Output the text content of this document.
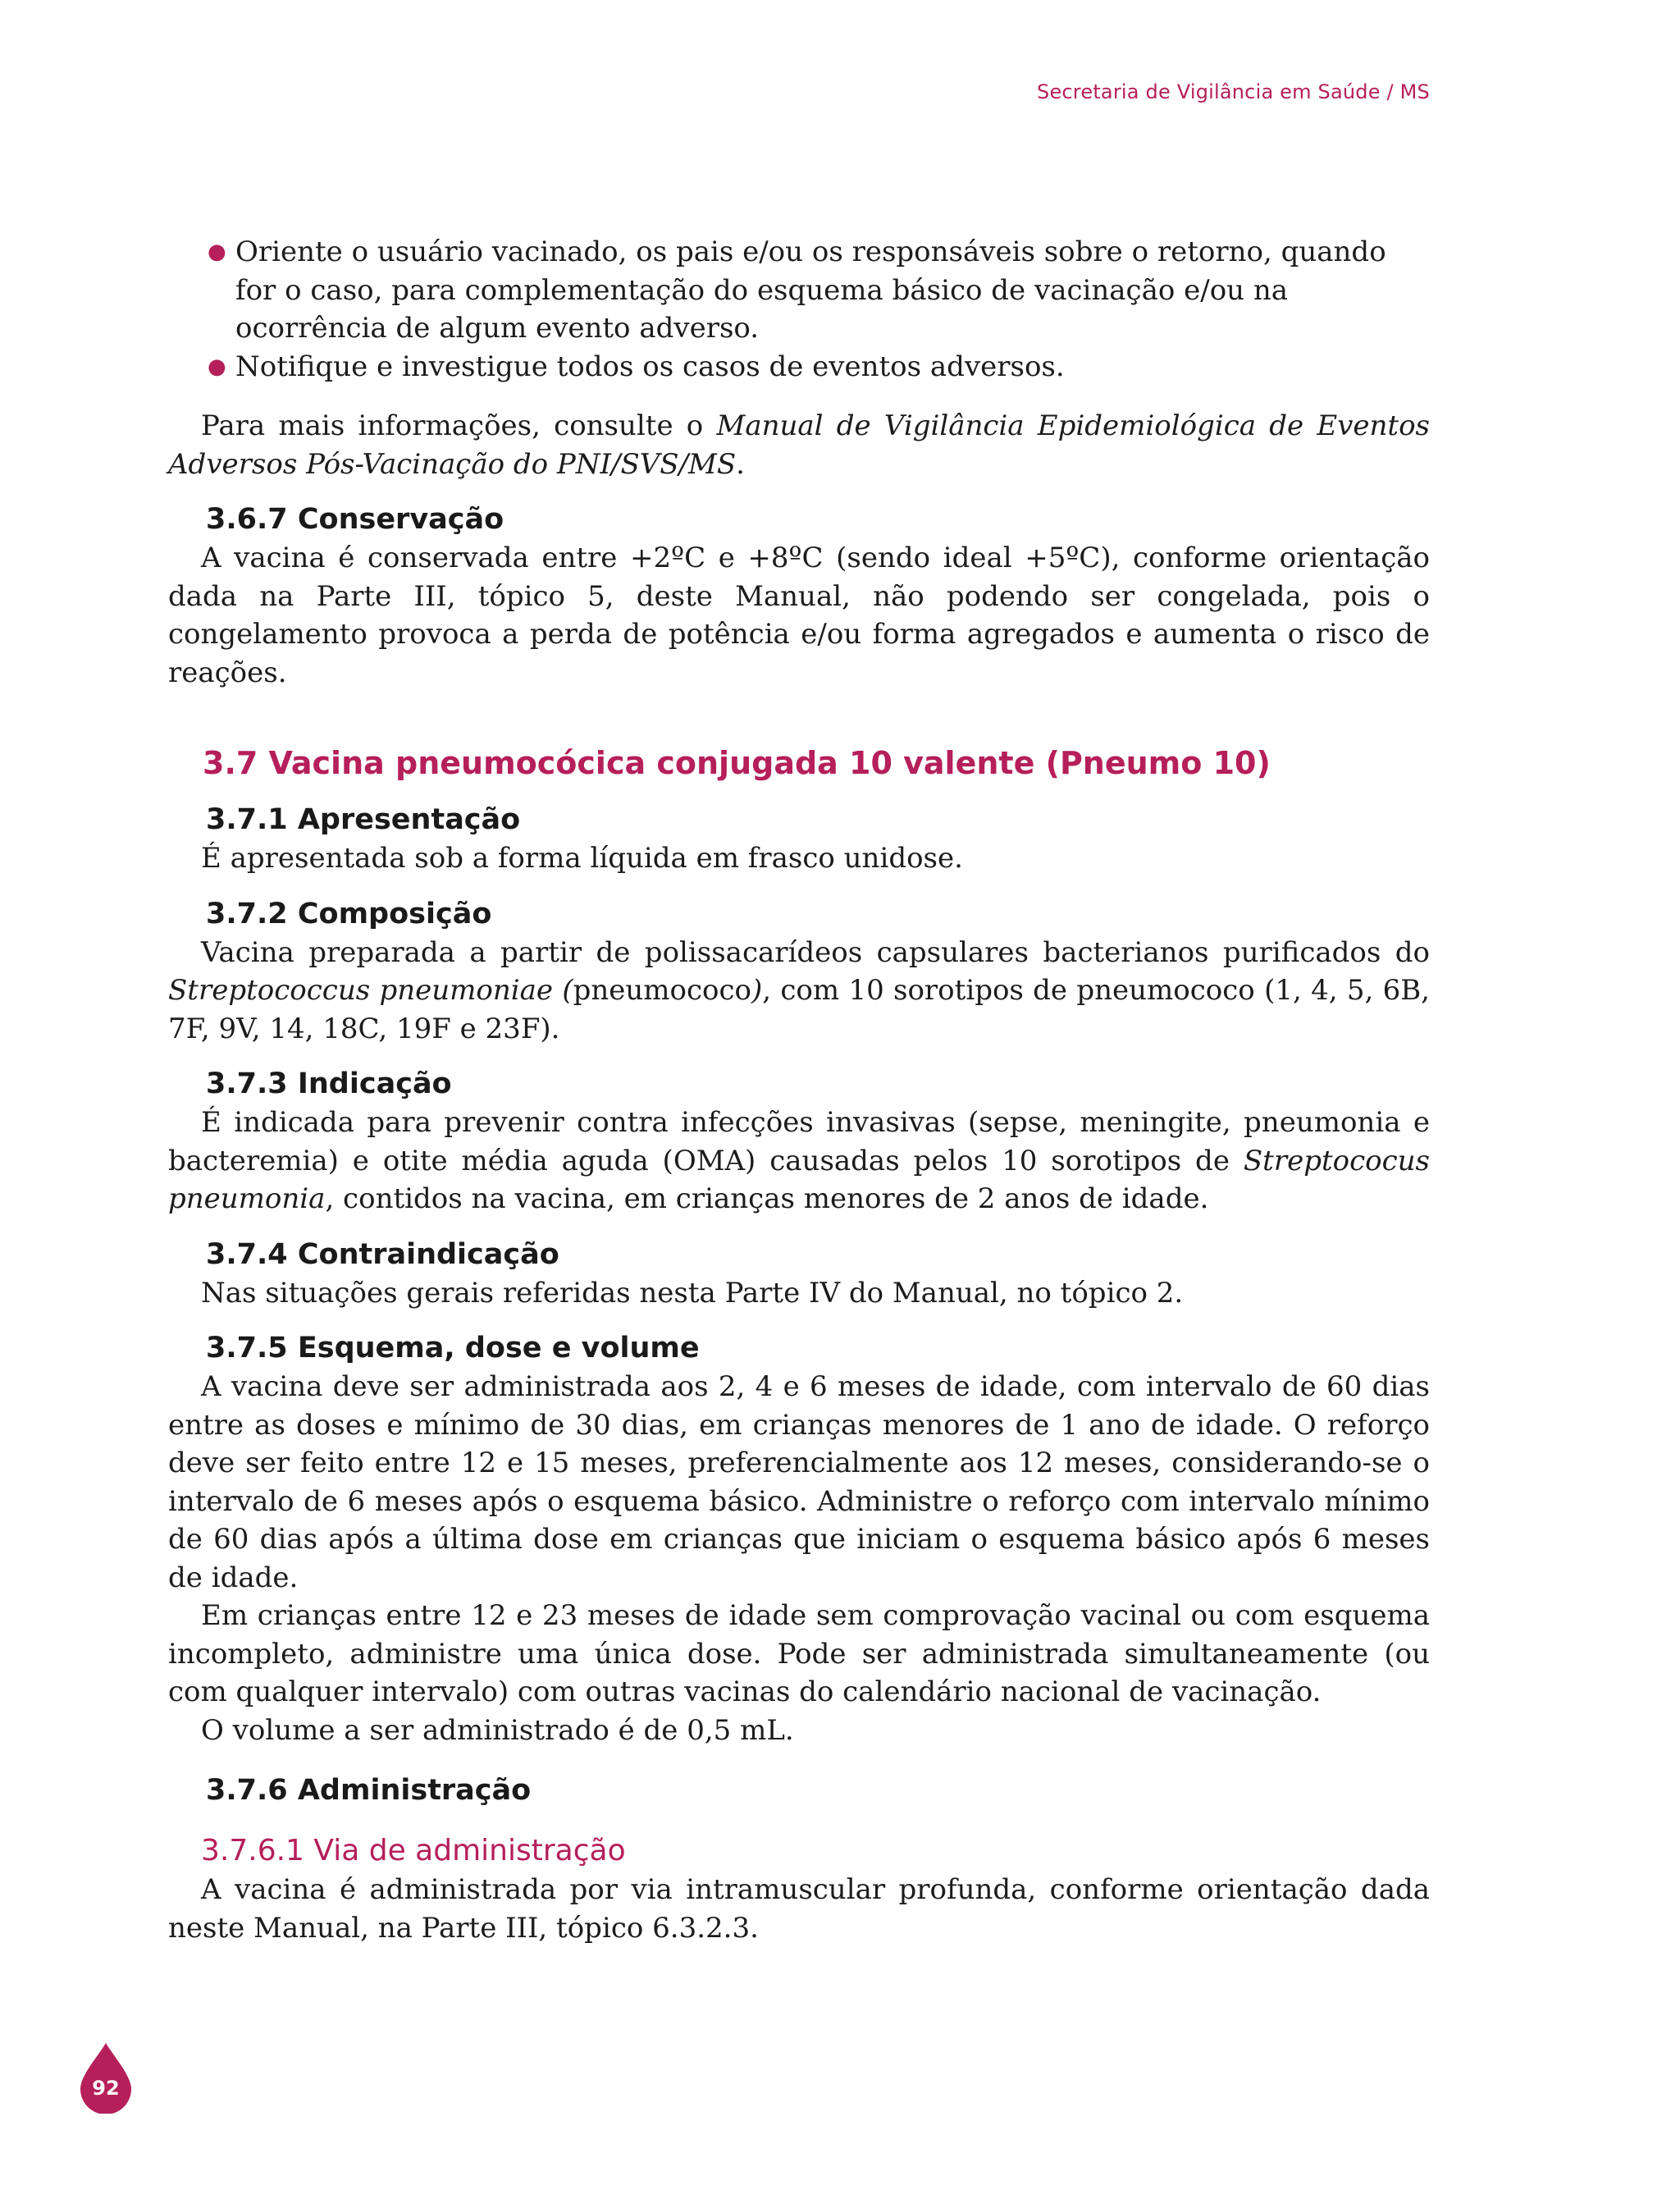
Secretaria de Vigilância em Saúde / MS
● Oriente o usuário vacinado, os pais e/ou os responsáveis sobre o retorno, quando for o caso, para complementação do esquema básico de vacinação e/ou na ocorrência de algum evento adverso.
● Notifique e investigue todos os casos de eventos adversos.

Para mais informações, consulte o Manual de Vigilância Epidemiológica de Eventos Adversos Pós-Vacinação do PNI/SVS/MS.

3.6.7 Conservação

A vacina é conservada entre +2ºC e +8ºC (sendo ideal +5ºC), conforme orientação dada na Parte III, tópico 5, deste Manual, não podendo ser congelada, pois o congelamento provoca a perda de potência e/ou forma agregados e aumenta o risco de reações.

3.7 Vacina pneumocócica conjugada 10 valente (Pneumo 10)
3.7.1 Apresentação

É apresentada sob a forma líquida em frasco unidose.

3.7.2 Composição

Vacina preparada a partir de polissacarídeos capsulares bacterianos purificados do Streptococcus pneumoniae (pneumococo), com 10 sorotipos de pneumococo (1, 4, 5, 6B, 7F, 9V, 14, 18C, 19F e 23F).

3.7.3 Indicação

É indicada para prevenir contra infecções invasivas (sepse, meningite, pneumonia e bacteremia) e otite média aguda (OMA) causadas pelos 10 sorotipos de Streptococus pneumonia, contidos na vacina, em crianças menores de 2 anos de idade.

3.7.4 Contraindicação

Nas situações gerais referidas nesta Parte IV do Manual, no tópico 2.

3.7.5 Esquema, dose e volume

A vacina deve ser administrada aos 2, 4 e 6 meses de idade, com intervalo de 60 dias entre as doses e mínimo de 30 dias, em crianças menores de 1 ano de idade. O reforço deve ser feito entre 12 e 15 meses, preferencialmente aos 12 meses, considerando-se o intervalo de 6 meses após o esquema básico. Administre o reforço com intervalo mínimo de 60 dias após a última dose em crianças que iniciam o esquema básico após 6 meses de idade.

Em crianças entre 12 e 23 meses de idade sem comprovação vacinal ou com esquema incompleto, administre uma única dose. Pode ser administrada simultaneamente (ou com qualquer intervalo) com outras vacinas do calendário nacional de vacinação.

O volume a ser administrado é de 0,5 mL.

3.7.6 Administração
3.7.6.1 Via de administração

A vacina é administrada por via intramuscular profunda, conforme orientação dada neste Manual, na Parte III, tópico 6.3.2.3.

92
